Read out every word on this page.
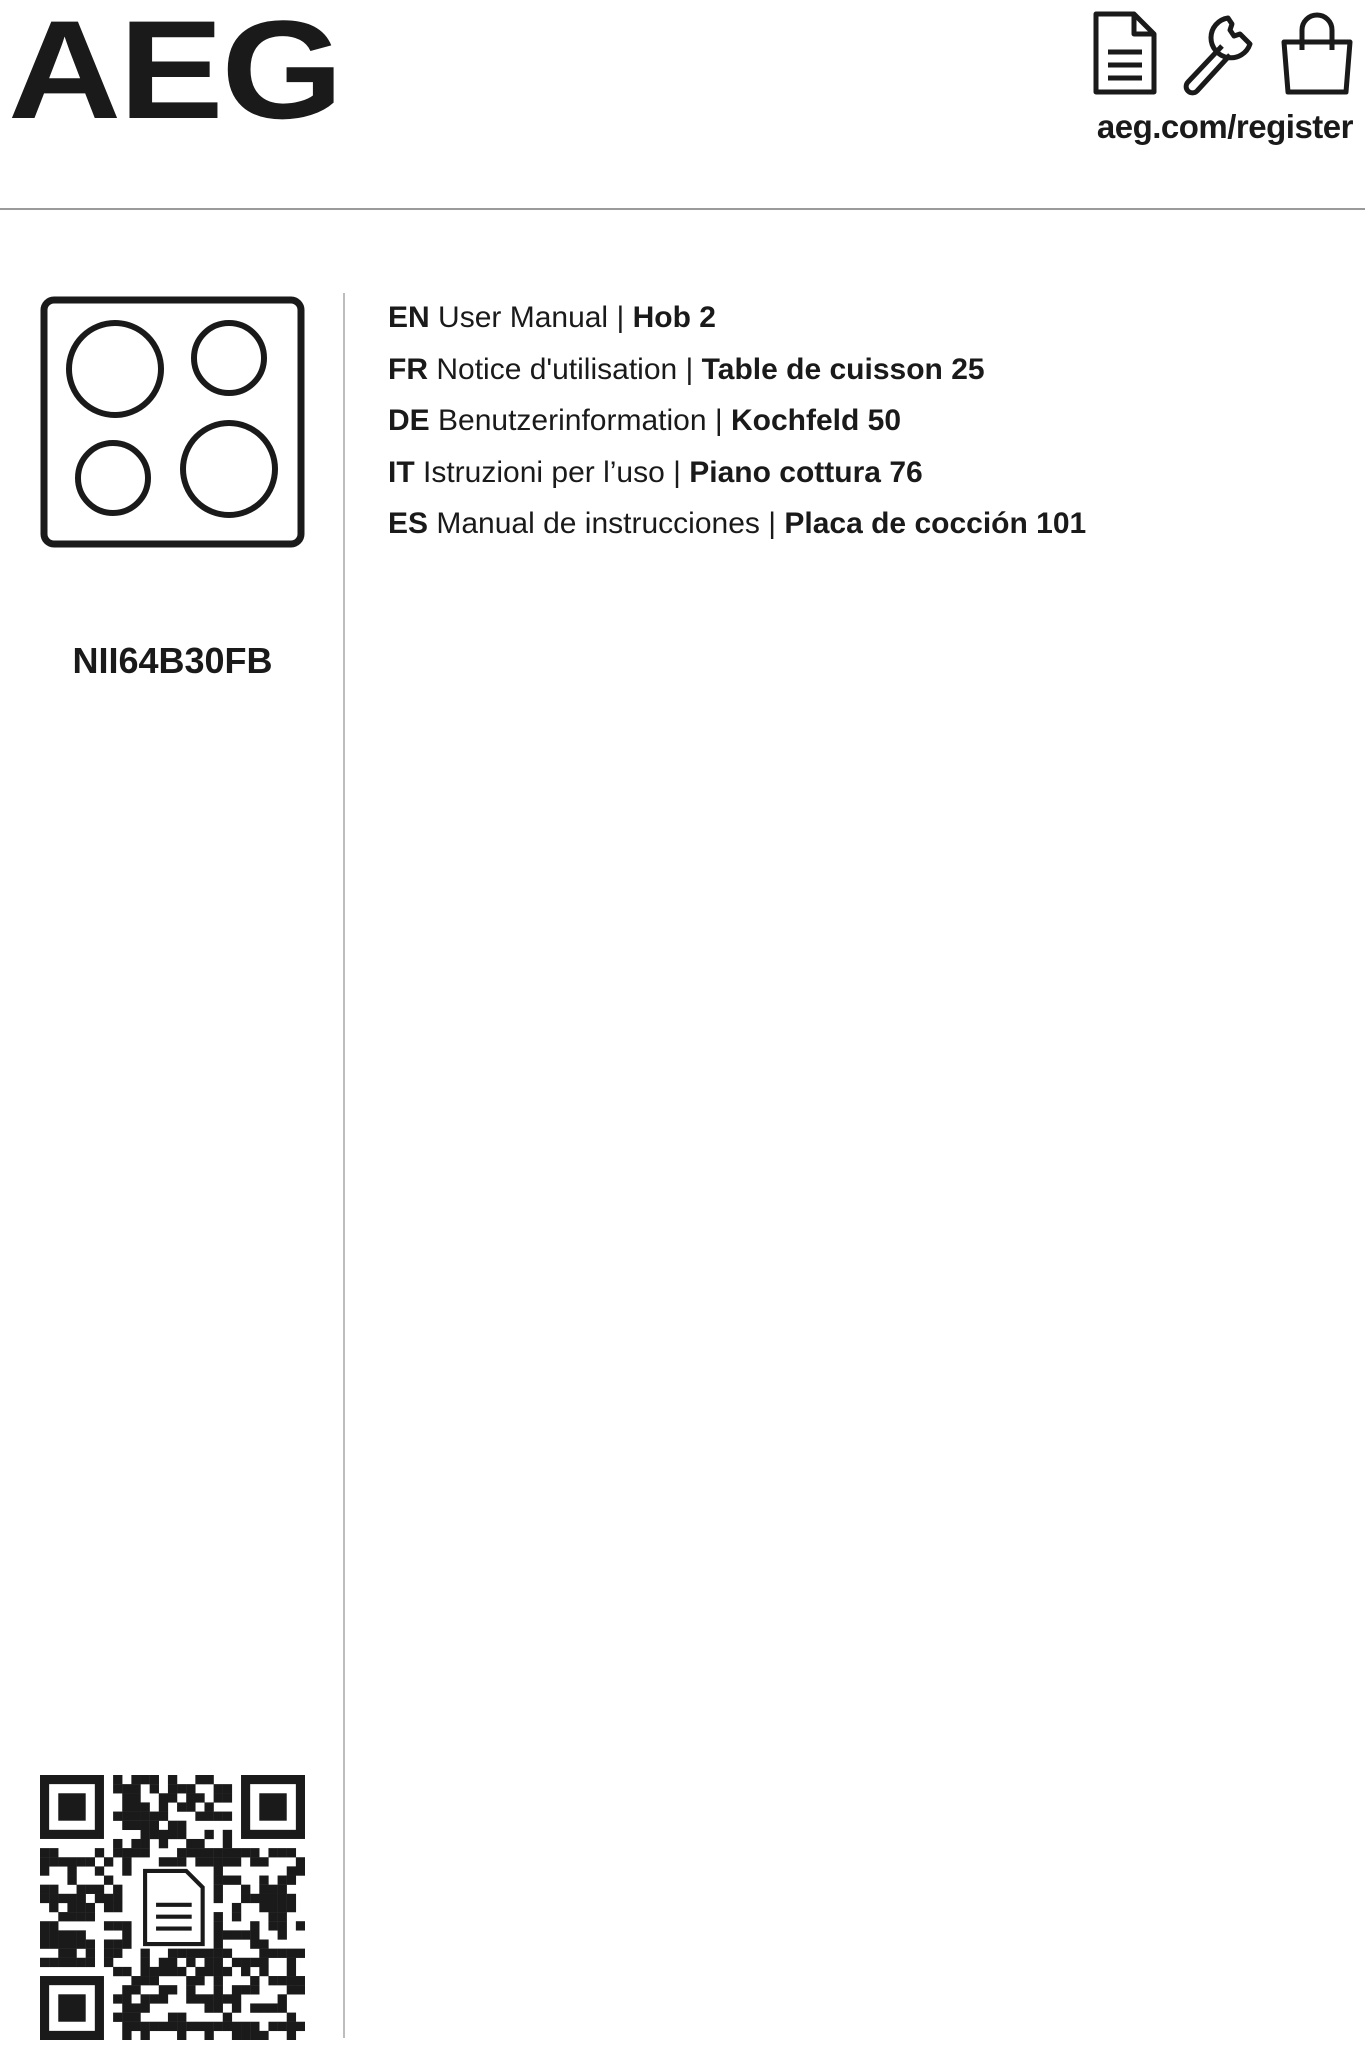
AEG	aeg.com/register
NII64B30FB
EN User Manual | Hob 2
FR Notice d'utilisation | Table de cuisson 25
DE Benutzerinformation | Kochfeld 50
IT Istruzioni per l’uso | Piano cottura 76
ES Manual de instrucciones | Placa de cocción 101
